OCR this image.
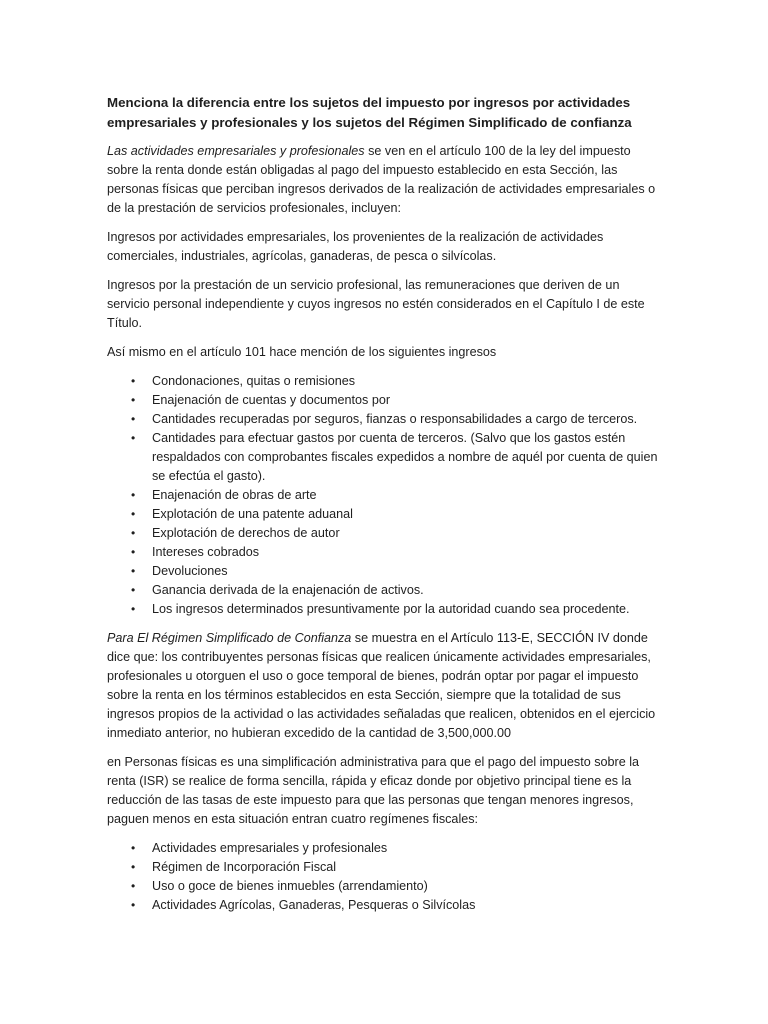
Menciona la diferencia entre los sujetos del impuesto por ingresos por actividades empresariales y profesionales y los sujetos del Régimen Simplificado de confianza

Las actividades empresariales y profesionales se ven en el artículo 100 de la ley del impuesto sobre la renta donde están obligadas al pago del impuesto establecido en esta Sección, las personas físicas que perciban ingresos derivados de la realización de actividades empresariales o de la prestación de servicios profesionales, incluyen:

Ingresos por actividades empresariales, los provenientes de la realización de actividades comerciales, industriales, agrícolas, ganaderas, de pesca o silvícolas.

Ingresos por la prestación de un servicio profesional, las remuneraciones que deriven de un servicio personal independiente y cuyos ingresos no estén considerados en el Capítulo I de este Título.

Así mismo en el artículo 101 hace mención de los siguientes ingresos

• Condonaciones, quitas o remisiones
• Enajenación de cuentas y documentos por
• Cantidades recuperadas por seguros, fianzas o responsabilidades a cargo de terceros.
• Cantidades para efectuar gastos por cuenta de terceros. (Salvo que los gastos estén respaldados con comprobantes fiscales expedidos a nombre de aquél por cuenta de quien se efectúa el gasto).
• Enajenación de obras de arte
• Explotación de una patente aduanal
• Explotación de derechos de autor
• Intereses cobrados
• Devoluciones
• Ganancia derivada de la enajenación de activos.
• Los ingresos determinados presuntivamente por la autoridad cuando sea procedente.

Para El Régimen Simplificado de Confianza se muestra en el Artículo 113-E, SECCIÓN IV donde dice que: los contribuyentes personas físicas que realicen únicamente actividades empresariales, profesionales u otorguen el uso o goce temporal de bienes, podrán optar por pagar el impuesto sobre la renta en los términos establecidos en esta Sección, siempre que la totalidad de sus ingresos propios de la actividad o las actividades señaladas que realicen, obtenidos en el ejercicio inmediato anterior, no hubieran excedido de la cantidad de 3,500,000.00

en Personas físicas es una simplificación administrativa para que el pago del impuesto sobre la renta (ISR) se realice de forma sencilla, rápida y eficaz donde por objetivo principal tiene es la reducción de las tasas de este impuesto para que las personas que tengan menores ingresos, paguen menos en esta situación entran cuatro regímenes fiscales:

• Actividades empresariales y profesionales
• Régimen de Incorporación Fiscal
• Uso o goce de bienes inmuebles (arrendamiento)
• Actividades Agrícolas, Ganaderas, Pesqueras o Silvícolas
